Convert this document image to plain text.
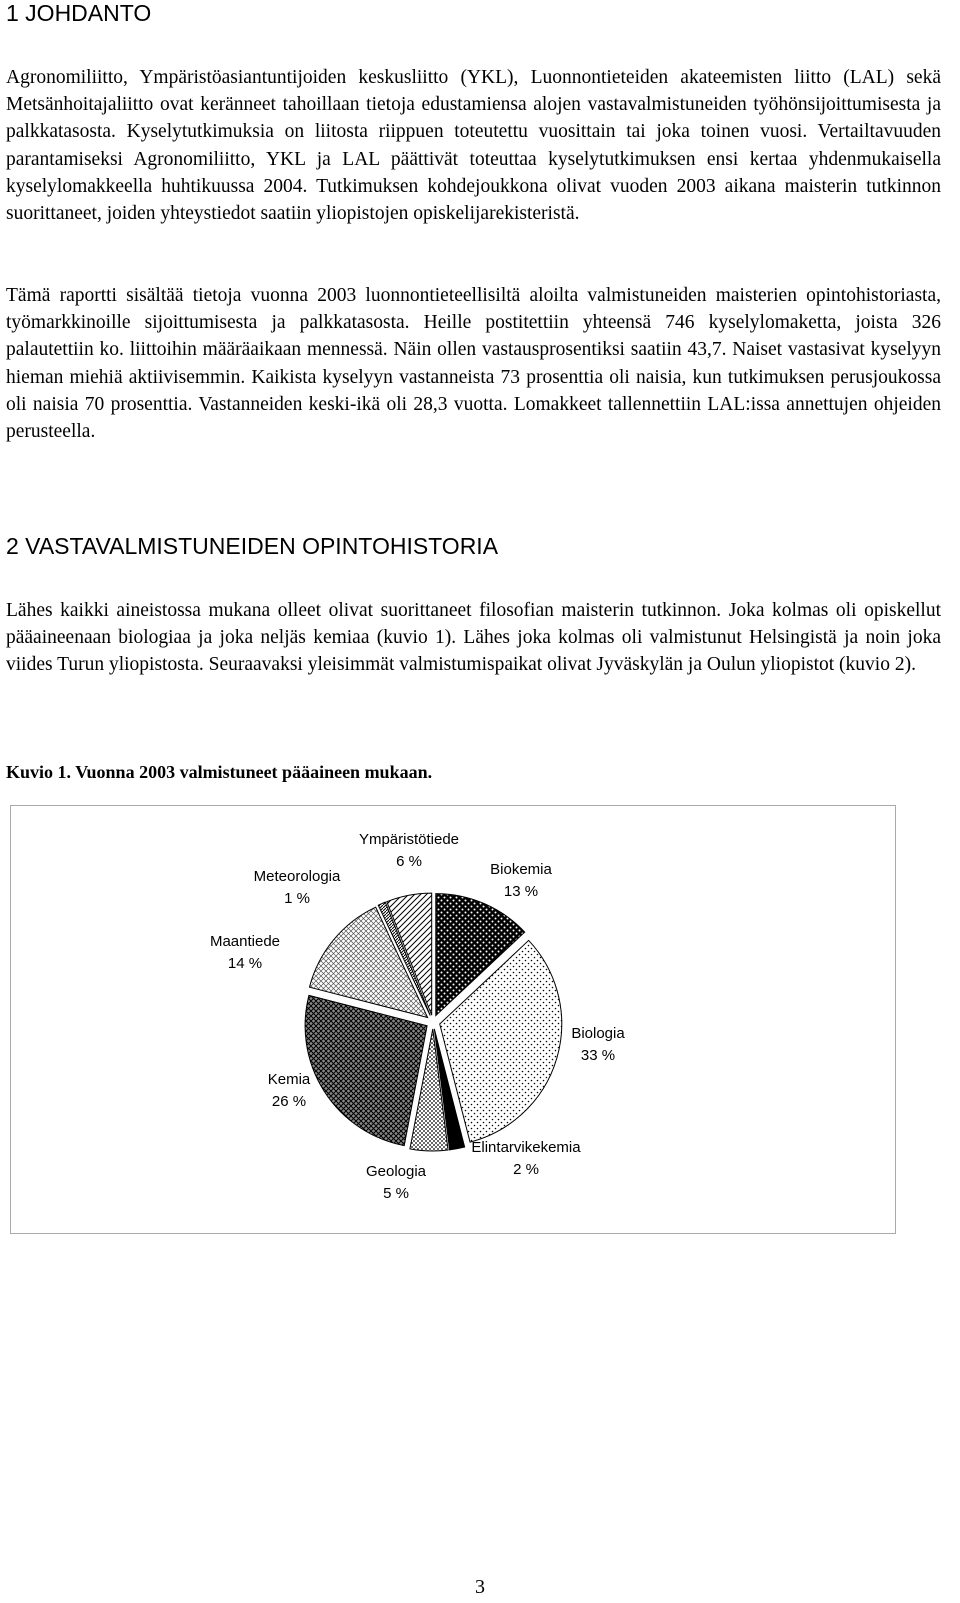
1 JOHDANTO

Agronomiliitto, Ympäristöasiantuntijoiden keskusliitto (YKL), Luonnontieteiden akateemisten liitto (LAL) sekä Metsänhoitajaliitto ovat keränneet tahoillaan tietoja edustamiensa alojen vastavalmistuneiden työhönsijoittumisesta ja palkkatasosta. Kyselytutkimuksia on liitosta riippuen toteutettu vuosittain tai joka toinen vuosi. Vertailtavuuden parantamiseksi Agronomiliitto, YKL ja LAL päättivät toteuttaa kyselytutkimuksen ensi kertaa yhdenmukaisella kyselylomakkeella huhtikuussa 2004. Tutkimuksen kohdejoukkona olivat vuoden 2003 aikana maisterin tutkinnon suorittaneet, joiden yhteystiedot saatiin yliopistojen opiskelijarekisteristä.

Tämä raportti sisältää tietoja vuonna 2003 luonnontieteellisiltä aloilta valmistuneiden maisterien opintohistoriasta, työmarkkinoille sijoittumisesta ja palkkatasosta. Heille postitettiin yhteensä 746 kyselylomaketta, joista 326 palautettiin ko. liittoihin määräaikaan mennessä. Näin ollen vastausprosentiksi saatiin 43,7. Naiset vastasivat kyselyyn hieman miehiä aktiivisemmin. Kaikista kyselyyn vastanneista 73 prosenttia oli naisia, kun tutkimuksen perusjoukossa oli naisia 70 prosenttia. Vastanneiden keski-ikä oli 28,3 vuotta. Lomakkeet tallennettiin LAL:issa annettujen ohjeiden perusteella.

2 VASTAVALMISTUNEIDEN OPINTOHISTORIA

Lähes kaikki aineistossa mukana olleet olivat suorittaneet filosofian maisterin tutkinnon. Joka kolmas oli opiskellut pääaineenaan biologiaa ja joka neljäs kemiaa (kuvio 1). Lähes joka kolmas oli valmistunut Helsingistä ja noin joka viides Turun yliopistosta. Seuraavaksi yleisimmät valmistumispaikat olivat Jyväskylän ja Oulun yliopistot (kuvio 2).

Kuvio 1. Vuonna 2003 valmistuneet pääaineen mukaan.

Biokemia
13 %
Biologia
33 %
Elintarvikekemia
2 %
Geologia
5 %
Kemia
26 %
Maantiede
14 %
Meteorologia
1 %
Ympäristötiede
6 %
3
